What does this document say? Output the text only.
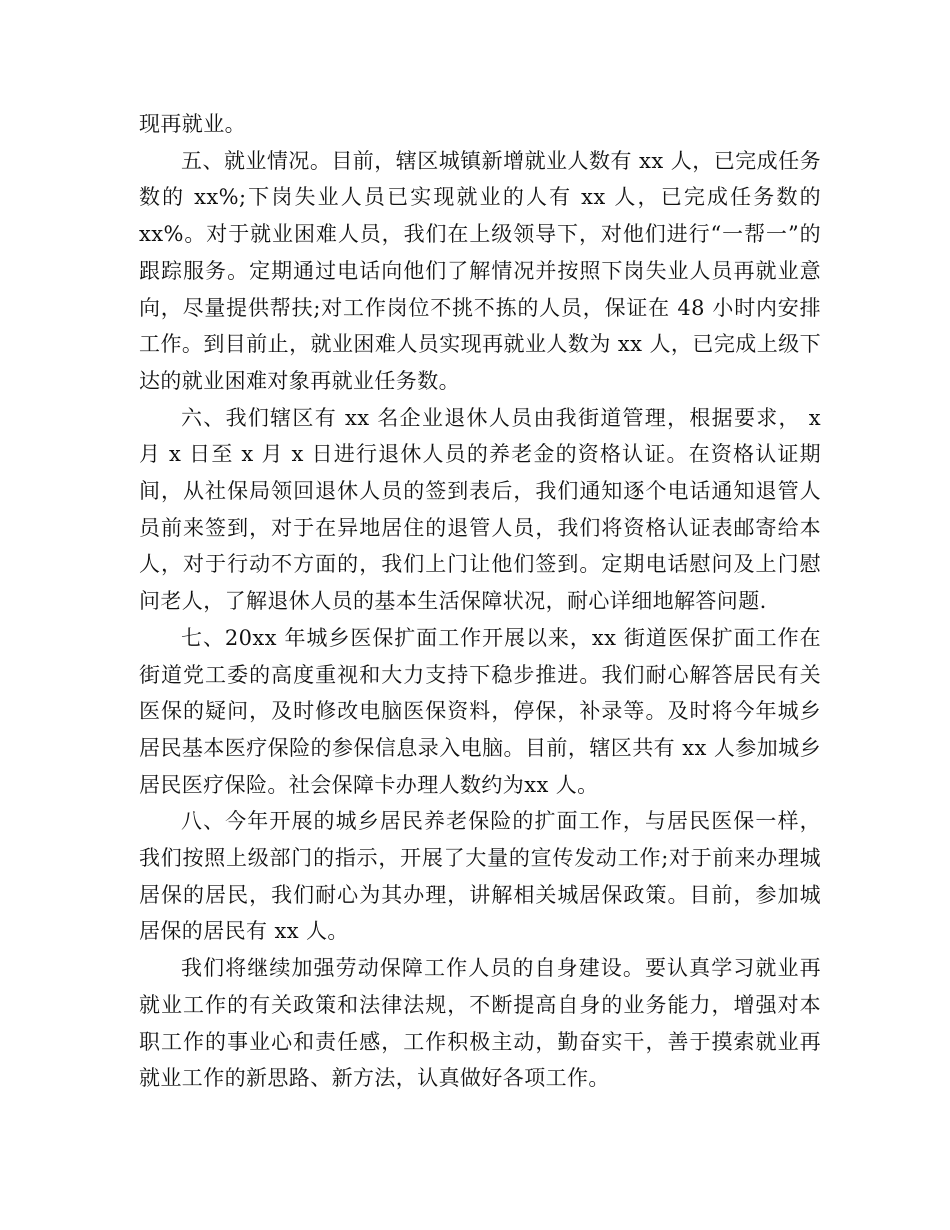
现再就业。

五、就业情况。目前，辖区城镇新增就业人数有 xx 人，已完成任务数的 xx%;下岗失业人员已实现就业的人有 xx 人，已完成任务数的 xx%。对于就业困难人员，我们在上级领导下，对他们进行“一帮一”的跟踪服务。定期通过电话向他们了解情况并按照下岗失业人员再就业意向，尽量提供帮扶;对工作岗位不挑不拣的人员，保证在 48 小时内安排工作。到目前止，就业困难人员实现再就业人数为 xx 人，已完成上级下达的就业困难对象再就业任务数。

六、我们辖区有 xx 名企业退休人员由我街道管理，根据要求， x 月 x 日至 x 月 x 日进行退休人员的养老金的资格认证。在资格认证期间，从社保局领回退休人员的签到表后，我们通知逐个电话通知退管人员前来签到，对于在异地居住的退管人员，我们将资格认证表邮寄给本人，对于行动不方面的，我们上门让他们签到。定期电话慰问及上门慰问老人，了解退休人员的基本生活保障状况，耐心详细地解答问题.

七、20xx 年城乡医保扩面工作开展以来，xx 街道医保扩面工作在街道党工委的高度重视和大力支持下稳步推进。我们耐心解答居民有关医保的疑问，及时修改电脑医保资料，停保，补录等。及时将今年城乡居民基本医疗保险的参保信息录入电脑。目前，辖区共有 xx 人参加城乡居民医疗保险。社会保障卡办理人数约为xx 人。

八、今年开展的城乡居民养老保险的扩面工作，与居民医保一样，我们按照上级部门的指示，开展了大量的宣传发动工作;对于前来办理城居保的居民，我们耐心为其办理，讲解相关城居保政策。目前，参加城居保的居民有 xx 人。

我们将继续加强劳动保障工作人员的自身建设。要认真学习就业再就业工作的有关政策和法律法规，不断提高自身的业务能力，增强对本职工作的事业心和责任感，工作积极主动，勤奋实干，善于摸索就业再就业工作的新思路、新方法，认真做好各项工作。
